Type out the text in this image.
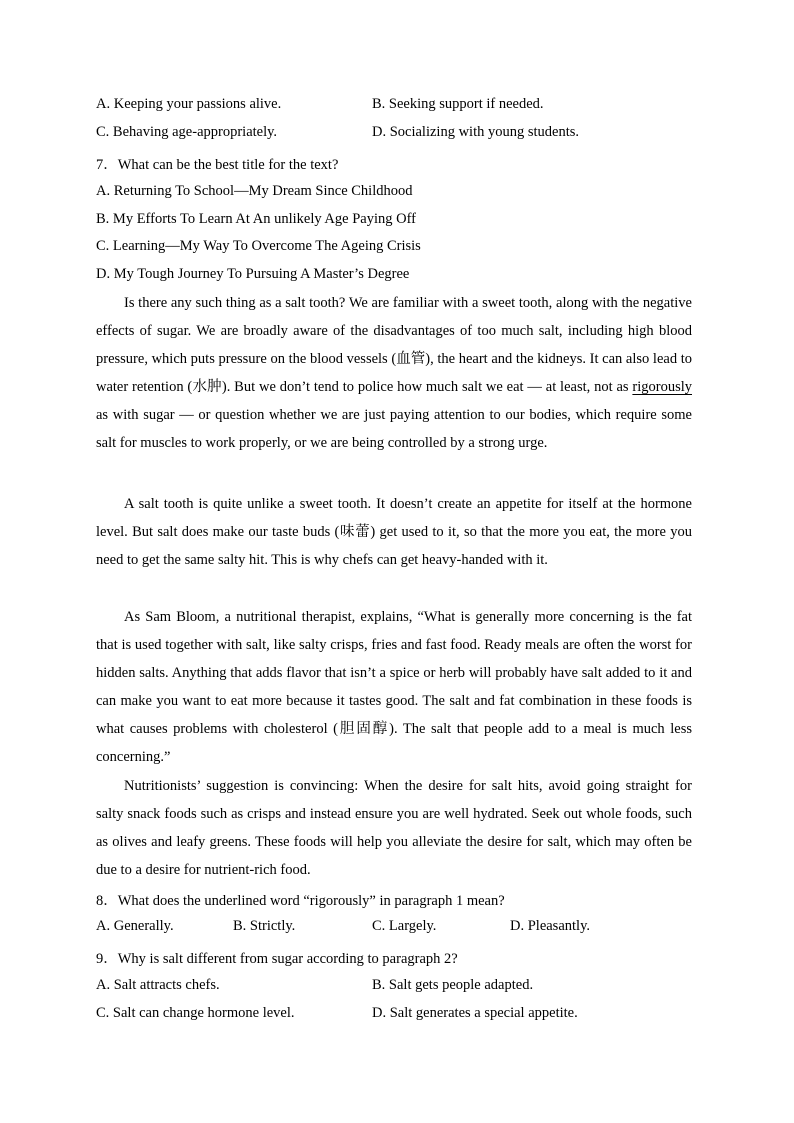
A. Keeping your passions alive.	B. Seeking support if needed.
C. Behaving age-appropriately.	D. Socializing with young students.
7．What can be the best title for the text?
A. Returning To School—My Dream Since Childhood
B. My Efforts To Learn At An unlikely Age Paying Off
C. Learning—My Way To Overcome The Ageing Crisis
D. My Tough Journey To Pursuing A Master’s Degree
Is there any such thing as a salt tooth? We are familiar with a sweet tooth, along with the negative effects of sugar. We are broadly aware of the disadvantages of too much salt, including high blood pressure, which puts pressure on the blood vessels (血管), the heart and the kidneys. It can also lead to water retention (水肿). But we don’t tend to police how much salt we eat — at least, not as rigorously as with sugar — or question whether we are just paying attention to our bodies, which require some salt for muscles to work properly, or we are being controlled by a strong urge.
A salt tooth is quite unlike a sweet tooth. It doesn’t create an appetite for itself at the hormone level. But salt does make our taste buds (味蕾) get used to it, so that the more you eat, the more you need to get the same salty hit. This is why chefs can get heavy-handed with it.
As Sam Bloom, a nutritional therapist, explains, “What is generally more concerning is the fat that is used together with salt, like salty crisps, fries and fast food. Ready meals are often the worst for hidden salts. Anything that adds flavor that isn’t a spice or herb will probably have salt added to it and can make you want to eat more because it tastes good. The salt and fat combination in these foods is what causes problems with cholesterol (胆固醇). The salt that people add to a meal is much less concerning.”
Nutritionists’ suggestion is convincing: When the desire for salt hits, avoid going straight for salty snack foods such as crisps and instead ensure you are well hydrated. Seek out whole foods, such as olives and leafy greens. These foods will help you alleviate the desire for salt, which may often be due to a desire for nutrient-rich food.
8．What does the underlined word “rigorously” in paragraph 1 mean?
A. Generally.	B. Strictly.	C. Largely.	D. Pleasantly.
9．Why is salt different from sugar according to paragraph 2?
A. Salt attracts chefs.	B. Salt gets people adapted.
C. Salt can change hormone level.	D. Salt generates a special appetite.
